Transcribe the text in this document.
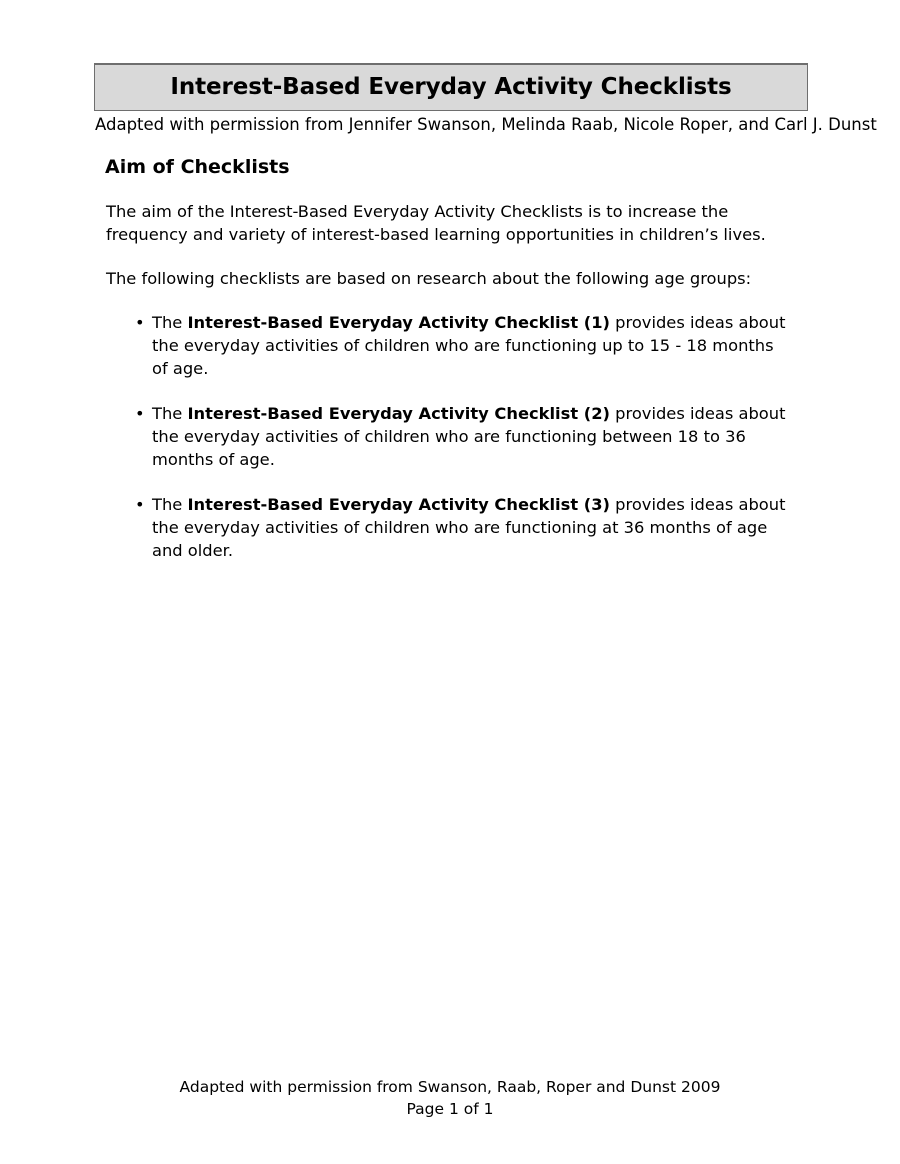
Interest-Based Everyday Activity Checklists
Adapted with permission from Jennifer Swanson, Melinda Raab, Nicole Roper, and Carl J. Dunst
Aim of Checklists

The aim of the Interest-Based Everyday Activity Checklists is to increase the frequency and variety of interest-based learning opportunities in children’s lives.

The following checklists are based on research about the following age groups:

• The Interest-Based Everyday Activity Checklist (1) provides ideas about the everyday activities of children who are functioning up to 15 - 18 months of age.
• The Interest-Based Everyday Activity Checklist (2) provides ideas about the everyday activities of children who are functioning between 18 to 36 months of age.
• The Interest-Based Everyday Activity Checklist (3) provides ideas about the everyday activities of children who are functioning at 36 months of age and older.
Adapted with permission from Swanson, Raab, Roper and Dunst 2009
Page 1 of 1
